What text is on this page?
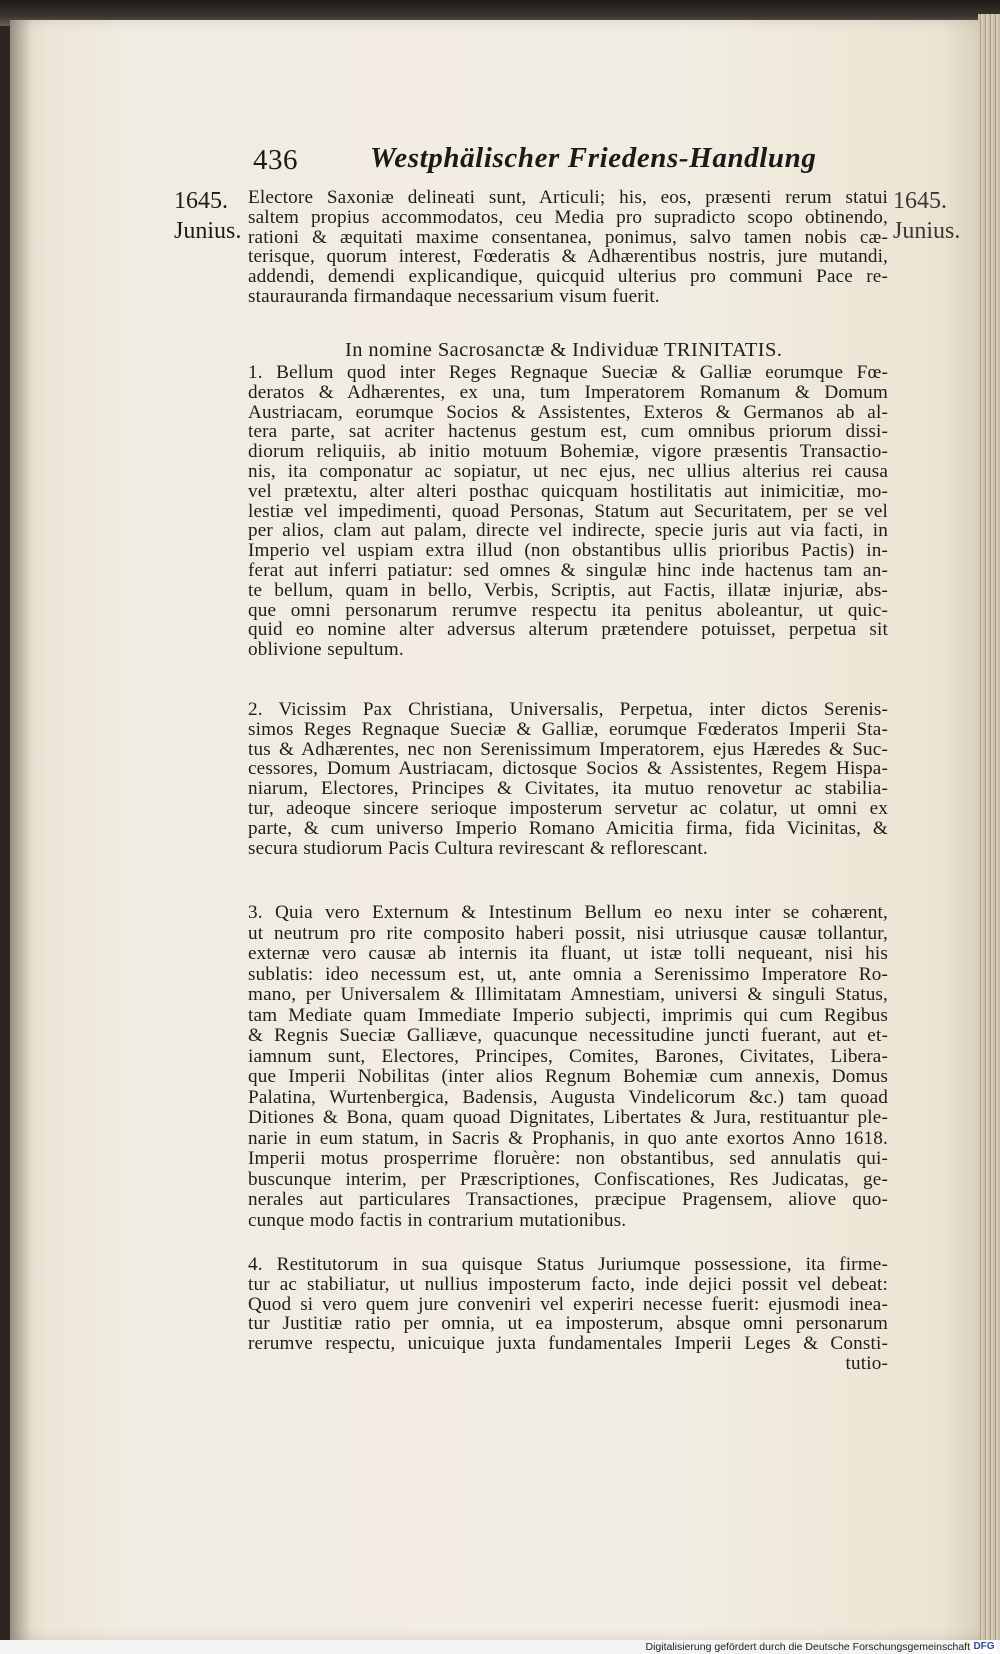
436 Westphälischer Friedens-Handlung
1645.
Junius.
1645.
Junius.
Electore Saxoniæ delineati sunt, Articuli; his, eos, præsenti rerum statui
saltem propius accommodatos, ceu Media pro supradicto scopo obtinendo,
rationi & æquitati maxime consentanea, ponimus, salvo tamen nobis cæ-
terisque, quorum interest, Fœderatis & Adhærentibus nostris, jure mutandi,
addendi, demendi explicandique, quicquid ulterius pro communi Pace re-
staurauranda firmandaque necessarium visum fuerit.
In nomine Sacrosanctæ & Individuæ TRINITATIS.
1. Bellum quod inter Reges Regnaque Sueciæ & Galliæ eorumque Fœ-
deratos & Adhærentes, ex una, tum Imperatorem Romanum & Domum
Austriacam, eorumque Socios & Assistentes, Exteros & Germanos ab al-
tera parte, sat acriter hactenus gestum est, cum omnibus priorum dissi-
diorum reliquiis, ab initio motuum Bohemiæ, vigore præsentis Transactio-
nis, ita componatur ac sopiatur, ut nec ejus, nec ullius alterius rei causa
vel prætextu, alter alteri posthac quicquam hostilitatis aut inimicitiæ, mo-
lestiæ vel impedimenti, quoad Personas, Statum aut Securitatem, per se vel
per alios, clam aut palam, directe vel indirecte, specie juris aut via facti, in
Imperio vel uspiam extra illud (non obstantibus ullis prioribus Pactis) in-
ferat aut inferri patiatur: sed omnes & singulæ hinc inde hactenus tam an-
te bellum, quam in bello, Verbis, Scriptis, aut Factis, illatæ injuriæ, abs-
que omni personarum rerumve respectu ita penitus aboleantur, ut quic-
quid eo nomine alter adversus alterum prætendere potuisset, perpetua sit
oblivione sepultum.
2. Vicissim Pax Christiana, Universalis, Perpetua, inter dictos Serenis-
simos Reges Regnaque Sueciæ & Galliæ, eorumque Fœderatos Imperii Sta-
tus & Adhærentes, nec non Serenissimum Imperatorem, ejus Hæredes & Suc-
cessores, Domum Austriacam, dictosque Socios & Assistentes, Regem Hispa-
niarum, Electores, Principes & Civitates, ita mutuo renovetur ac stabilia-
tur, adeoque sincere serioque imposterum servetur ac colatur, ut omni ex
parte, & cum universo Imperio Romano Amicitia firma, fida Vicinitas, &
secura studiorum Pacis Cultura revirescant & reflorescant.
3. Quia vero Externum & Intestinum Bellum eo nexu inter se cohærent,
ut neutrum pro rite composito haberi possit, nisi utriusque causæ tollantur,
externæ vero causæ ab internis ita fluant, ut istæ tolli nequeant, nisi his
sublatis: ideo necessum est, ut, ante omnia a Serenissimo Imperatore Ro-
mano, per Universalem & Illimitatam Amnestiam, universi & singuli Status,
tam Mediate quam Immediate Imperio subjecti, imprimis qui cum Regibus
& Regnis Sueciæ Galliæve, quacunque necessitudine juncti fuerant, aut et-
iamnum sunt, Electores, Principes, Comites, Barones, Civitates, Libera-
que Imperii Nobilitas (inter alios Regnum Bohemiæ cum annexis, Domus
Palatina, Wurtenbergica, Badensis, Augusta Vindelicorum &c.) tam quoad
Ditiones & Bona, quam quoad Dignitates, Libertates & Jura, restituantur ple-
narie in eum statum, in Sacris & Prophanis, in quo ante exortos Anno 1618.
Imperii motus prosperrime floruère: non obstantibus, sed annulatis qui-
buscunque interim, per Præscriptiones, Confiscationes, Res Judicatas, ge-
nerales aut particulares Transactiones, præcipue Pragensem, aliove quo-
cunque modo factis in contrarium mutationibus.
4. Restitutorum in sua quisque Status Juriumque possessione, ita firme-
tur ac stabiliatur, ut nullius imposterum facto, inde dejici possit vel debeat:
Quod si vero quem jure conveniri vel experiri necesse fuerit: ejusmodi inea-
tur Justitiæ ratio per omnia, ut ea imposterum, absque omni personarum
rerumve respectu, unicuique juxta fundamentales Imperii Leges & Consti-
tutio-
Digitalisierung gefördert durch die Deutsche Forschungsgemeinschaft DFG
